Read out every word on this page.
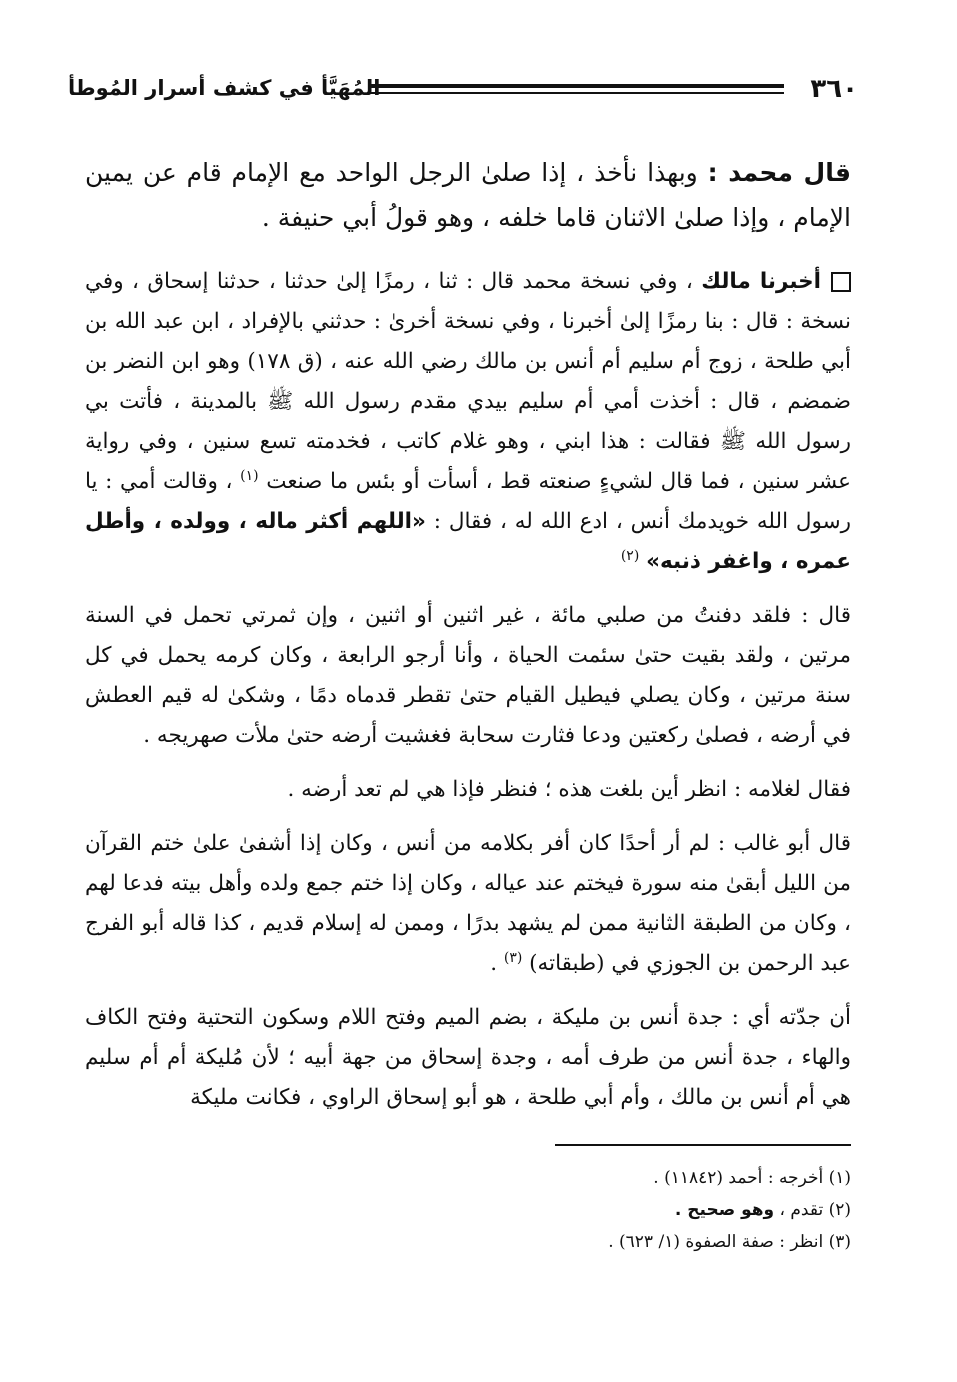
٣٦٠
المُهَيَّأ في كشف أسرار المُوطأ

قال محمد : وبهذا نأخذ ، إذا صلىٰ الرجل الواحد مع الإمام قام عن يمين الإمام ، وإذا صلىٰ الاثنان قاما خلفه ، وهو قولُ أبي حنيفة .

أخبرنا مالك ، وفي نسخة محمد قال : ثنا ، رمزًا إلىٰ حدثنا ، حدثنا إسحاق ، وفي نسخة : قال : بنا رمزًا إلىٰ أخبرنا ، وفي نسخة أخرىٰ : حدثني بالإفراد ، ابن عبد الله بن أبي طلحة ، زوج أم سليم أم أنس بن مالك رضي الله عنه ، (ق ١٧٨) وهو ابن النضر بن ضمضم ، قال : أخذت أمي أم سليم بيدي مقدم رسول الله ﷺ بالمدينة ، فأتت بي رسول الله ﷺ فقالت : هذا ابني ، وهو غلام كاتب ، فخدمته تسع سنين ، وفي رواية عشر سنين ، فما قال لشيءٍ صنعته قط ، أسأت أو بئس ما صنعت $^{(١)}$ ، وقالت أمي : يا رسول الله خويدمك أنس ، ادع الله له ، فقال : «اللهم أكثر ماله ، وولده ، وأطل عمره ، واغفر ذنبه» $^{(٢)}$

قال : فلقد دفنتُ من صلبي مائة ، غير اثنين أو اثنين ، وإن ثمرتي تحمل في السنة مرتين ، ولقد بقيت حتىٰ سئمت الحياة ، وأنا أرجو الرابعة ، وكان كرمه يحمل في كل سنة مرتين ، وكان يصلي فيطيل القيام حتىٰ تقطر قدماه دمًا ، وشكىٰ له قيم العطش في أرضه ، فصلىٰ ركعتين ودعا فثارت سحابة فغشيت أرضه حتىٰ ملأت صهريجه .

فقال لغلامه : انظر أين بلغت هذه ؛ فنظر فإذا هي لم تعد أرضه .

قال أبو غالب : لم أر أحدًا كان أفر بكلامه من أنس ، وكان إذا أشفىٰ علىٰ ختم القرآن من الليل أبقىٰ منه سورة فيختم عند عياله ، وكان إذا ختم جمع ولده وأهل بيته فدعا لهم ، وكان من الطبقة الثانية ممن لم يشهد بدرًا ، وممن له إسلام قديم ، كذا قاله أبو الفرج عبد الرحمن بن الجوزي في (طبقاته) $^{(٣)}$ .

أن جدّته أي : جدة أنس بن مليكة ، بضم الميم وفتح اللام وسكون التحتية وفتح الكاف والهاء ، جدة أنس من طرف أمه ، وجدة إسحاق من جهة أبيه ؛ لأن مُليكة أم أم سليم هي أم أنس بن مالك ، وأم أبي طلحة ، هو أبو إسحاق الراوي ، فكانت مليكة

(١) أخرجه : أحمد (١١٨٤٢) .
(٢) تقدم ، وهو صحيح .
(٣) انظر : صفة الصفوة (١/ ٦٢٣) .
